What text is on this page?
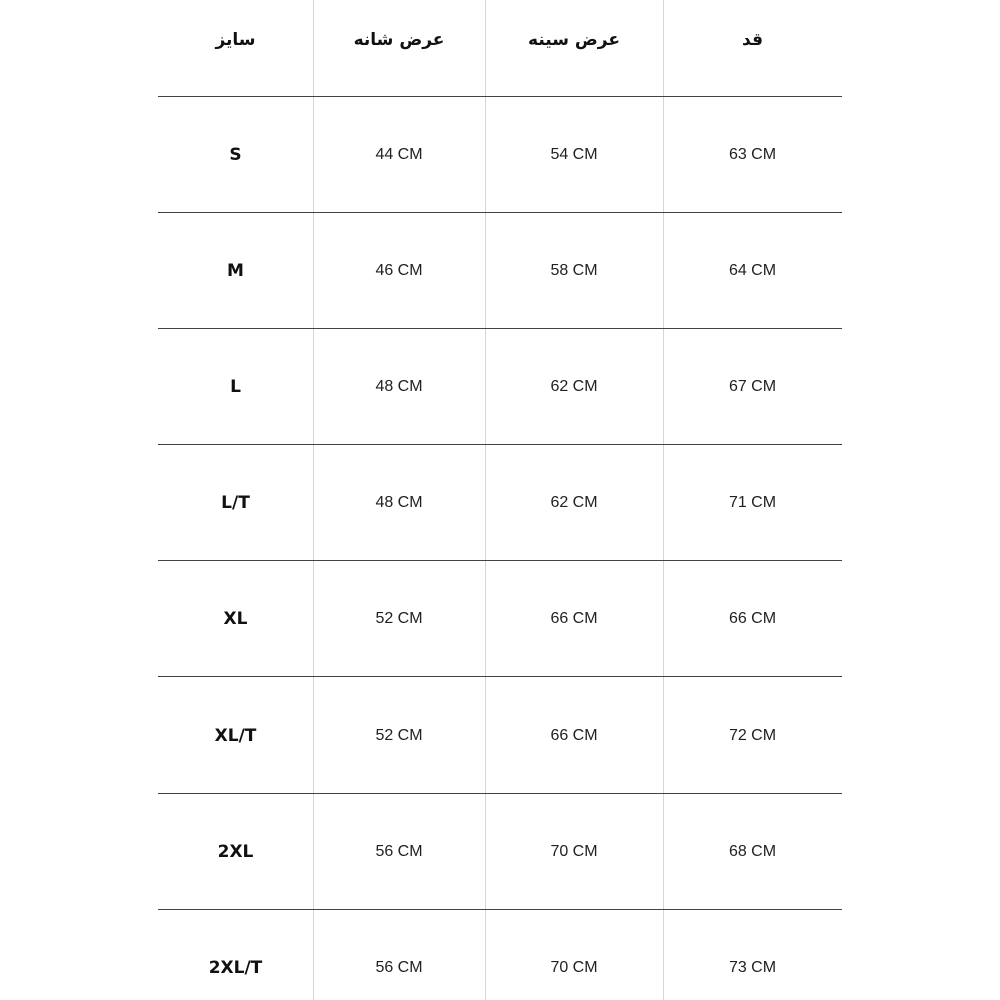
سایز	عرض شانه	عرض سینه	قد
S	44 CM	54 CM	63 CM
M	46 CM	58 CM	64 CM
L	48 CM	62 CM	67 CM
L/T	48 CM	62 CM	71 CM
XL	52 CM	66 CM	66 CM
XL/T	52 CM	66 CM	72 CM
2XL	56 CM	70 CM	68 CM
2XL/T	56 CM	70 CM	73 CM
